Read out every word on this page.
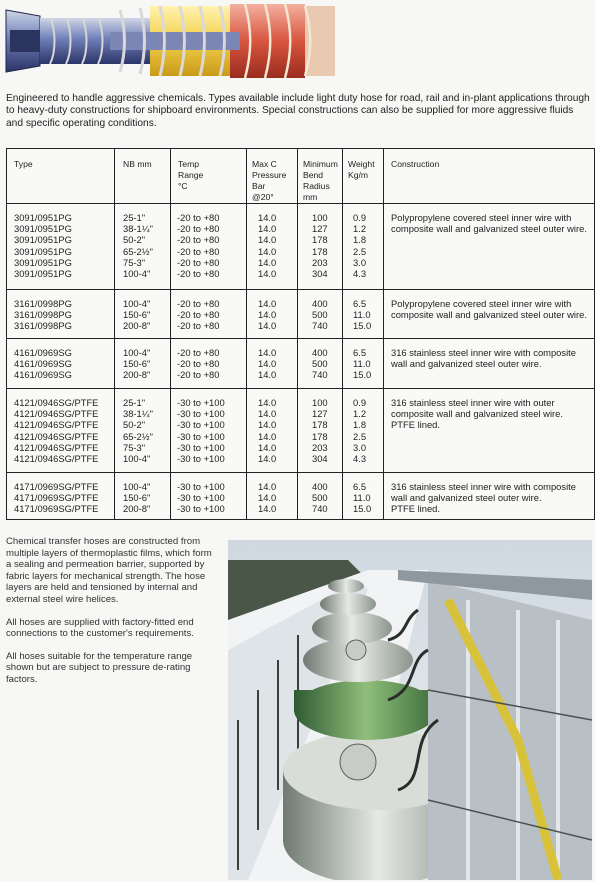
Engineered to handle aggressive chemicals. Types available include light duty hose for road, rail and in-plant applications through to heavy-duty constructions for shipboard environments. Special constructions can also be supplied for more aggressive fluids and specific operating conditions.
Type	NB mm	Temp
Range
°C
Max C
Pressure
Bar
@20°
Minimum
Bend
Radius
mm
Weight
Kg/m
Construction
3091/0951PG
3091/0951PG
3091/0951PG
3091/0951PG
3091/0951PG
3091/0951PG
25-1"
38-1¼"
50-2"
65-2½"
75-3"
100-4"
-20 to +80
-20 to +80
-20 to +80
-20 to +80
-20 to +80
-20 to +80
14.0
14.0
14.0
14.0
14.0
14.0
100
127
178
178
203
304
0.9
1.2
1.8
2.5
3.0
4.3
Polypropylene covered steel inner wire with composite wall and galvanized steel outer wire.
3161/0998PG
3161/0998PG
3161/0998PG
100-4"
150-6"
200-8"
-20 to +80
-20 to +80
-20 to +80
14.0
14.0
14.0
400
500
740
6.5
11.0
15.0
Polypropylene covered steel inner wire with composite wall and galvanized steel outer wire.
4161/0969SG
4161/0969SG
4161/0969SG
100-4"
150-6"
200-8"
-20 to +80
-20 to +80
-20 to +80
14.0
14.0
14.0
400
500
740
6.5
11.0
15.0
316 stainless steel inner wire with composite wall and galvanized steel outer wire.
4121/0946SG/PTFE
4121/0946SG/PTFE
4121/0946SG/PTFE
4121/0946SG/PTFE
4121/0946SG/PTFE
4121/0946SG/PTFE
25-1"
38-1¼"
50-2"
65-2½"
75-3"
100-4"
-30 to +100
-30 to +100
-30 to +100
-30 to +100
-30 to +100
-30 to +100
14.0
14.0
14.0
14.0
14.0
14.0
100
127
178
178
203
304
0.9
1.2
1.8
2.5
3.0
4.3
316 stainless steel inner wire with outer composite wall and galvanized steel wire.
PTFE lined.
4171/0969SG/PTFE
4171/0969SG/PTFE
4171/0969SG/PTFE
100-4"
150-6"
200-8"
-30 to +100
-30 to +100
-30 to +100
14.0
14.0
14.0
400
500
740
6.5
11.0
15.0
316 stainless steel inner wire with composite wall and galvanized steel outer wire.
PTFE lined.

Chemical transfer hoses are constructed from multiple layers of thermoplastic films, which form a sealing and permeation barrier, supported by fabric layers for mechanical strength. The hose layers are held and tensioned by internal and external steel wire helices.

All hoses are supplied with factory-fitted end connections to the customer's requirements.

All hoses suitable for the temperature range shown but are subject to pressure de-rating factors.
